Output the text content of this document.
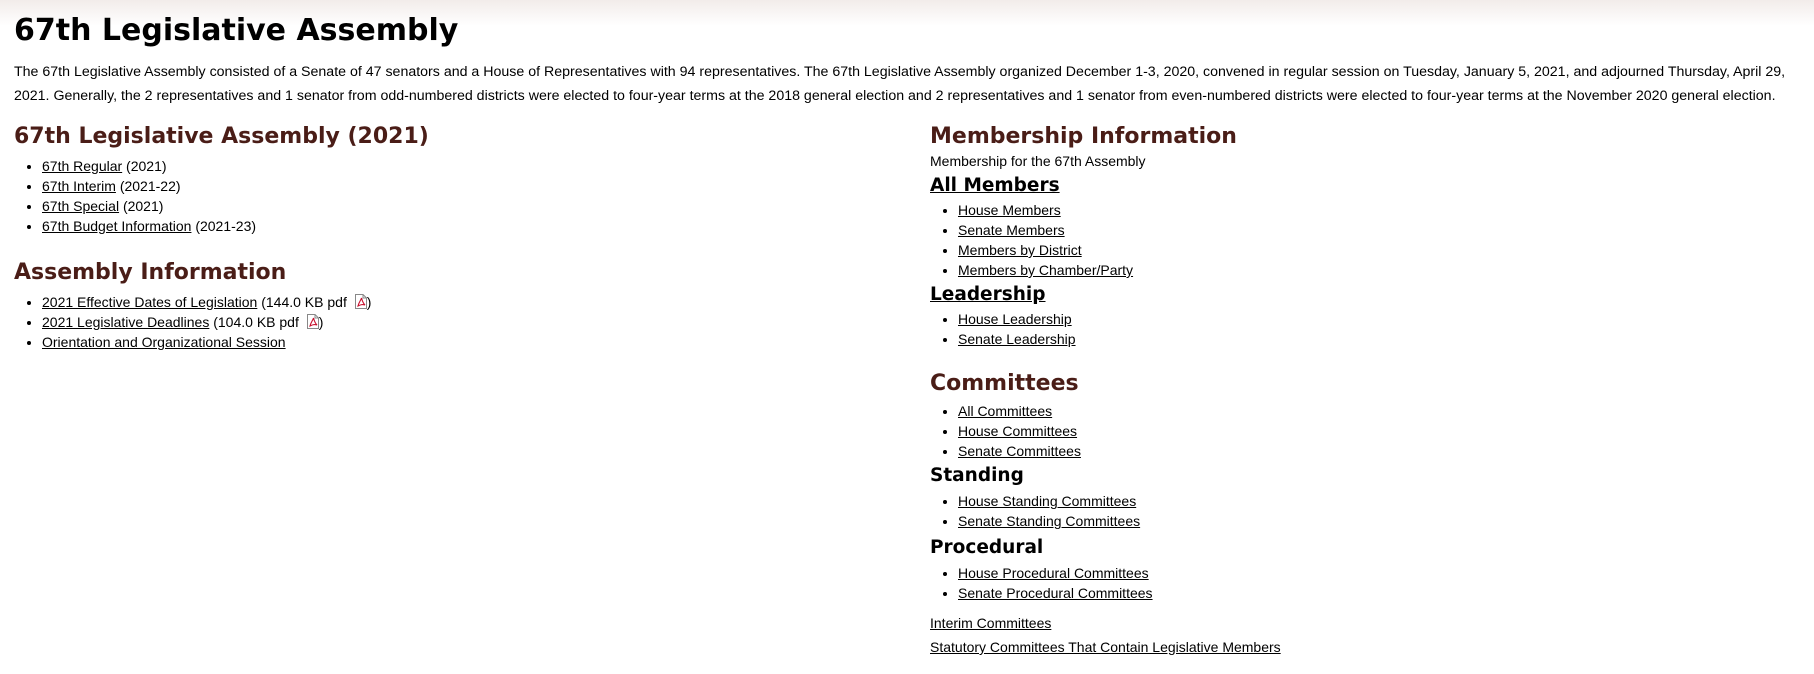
67th Legislative Assembly

The 67th Legislative Assembly consisted of a Senate of 47 senators and a House of Representatives with 94 representatives. The 67th Legislative Assembly organized December 1-3, 2020, convened in regular session on Tuesday, January 5, 2021, and adjourned Thursday, April 29, 2021. Generally, the 2 representatives and 1 senator from odd-numbered districts were elected to four-year terms at the 2018 general election and 2 representatives and 1 senator from even-numbered districts were elected to four-year terms at the November 2020 general election.

67th Legislative Assembly (2021)
• 67th Regular (2021)
• 67th Interim (2021-22)
• 67th Special (2021)
• 67th Budget Information (2021-23)
Assembly Information
• 2021 Effective Dates of Legislation (144.0 KB pdf )
• 2021 Legislative Deadlines (104.0 KB pdf )
• Orientation and Organizational Session
Membership Information

Membership for the 67th Assembly

All Members
• House Members
• Senate Members
• Members by District
• Members by Chamber/Party
Leadership
• House Leadership
• Senate Leadership
Committees
• All Committees
• House Committees
• Senate Committees
Standing
• House Standing Committees
• Senate Standing Committees
Procedural
• House Procedural Committees
• Senate Procedural Committees
Interim Committees
Statutory Committees That Contain Legislative Members
